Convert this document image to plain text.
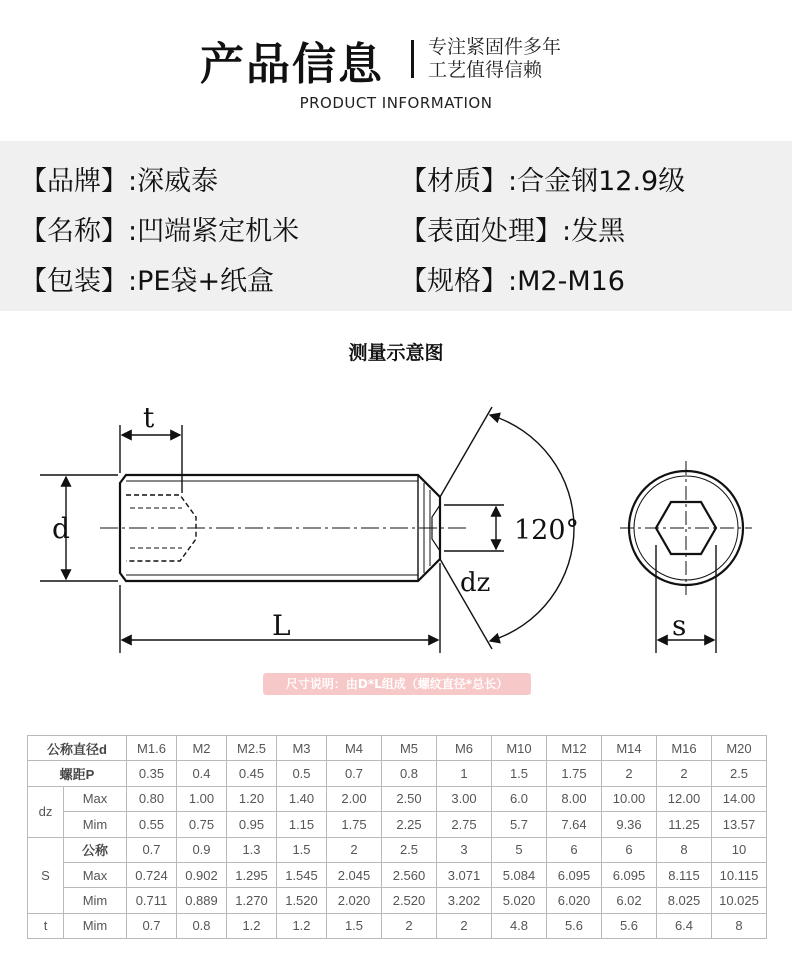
产品信息 专注紧固件多年
工艺值得信赖
PRODUCT INFORMATION
【品牌】:深威泰	【材质】:合金钢12.9级
【名称】:凹端紧定机米	【表面处理】:发黑
【包装】:PE袋+纸盒	【规格】:M2-M16
测量示意图
t
d
L
120°
dz
s
尺寸说明：由D*L组成（螺纹直径*总长）
公称直径d		M1.6	M2	M2.5	M3	M4	M5	M6	M10	M12	M14	M16	M20
螺距P		0.35	0.4	0.45	0.5	0.7	0.8	1	1.5	1.75	2	2	2.5
dz	Max	0.80	1.00	1.20	1.40	2.00	2.50	3.00	6.0	8.00	10.00	12.00	14.00
	Mim	0.55	0.75	0.95	1.15	1.75	2.25	2.75	5.7	7.64	9.36	11.25	13.57
S	公称	0.7	0.9	1.3	1.5	2	2.5	3	5	6	6	8	10
	Max	0.724	0.902	1.295	1.545	2.045	2.560	3.071	5.084	6.095	6.095	8.115	10.115
	Mim	0.711	0.889	1.270	1.520	2.020	2.520	3.202	5.020	6.020	6.02	8.025	10.025
t	Mim	0.7	0.8	1.2	1.2	1.5	2	2	4.8	5.6	5.6	6.4	8
